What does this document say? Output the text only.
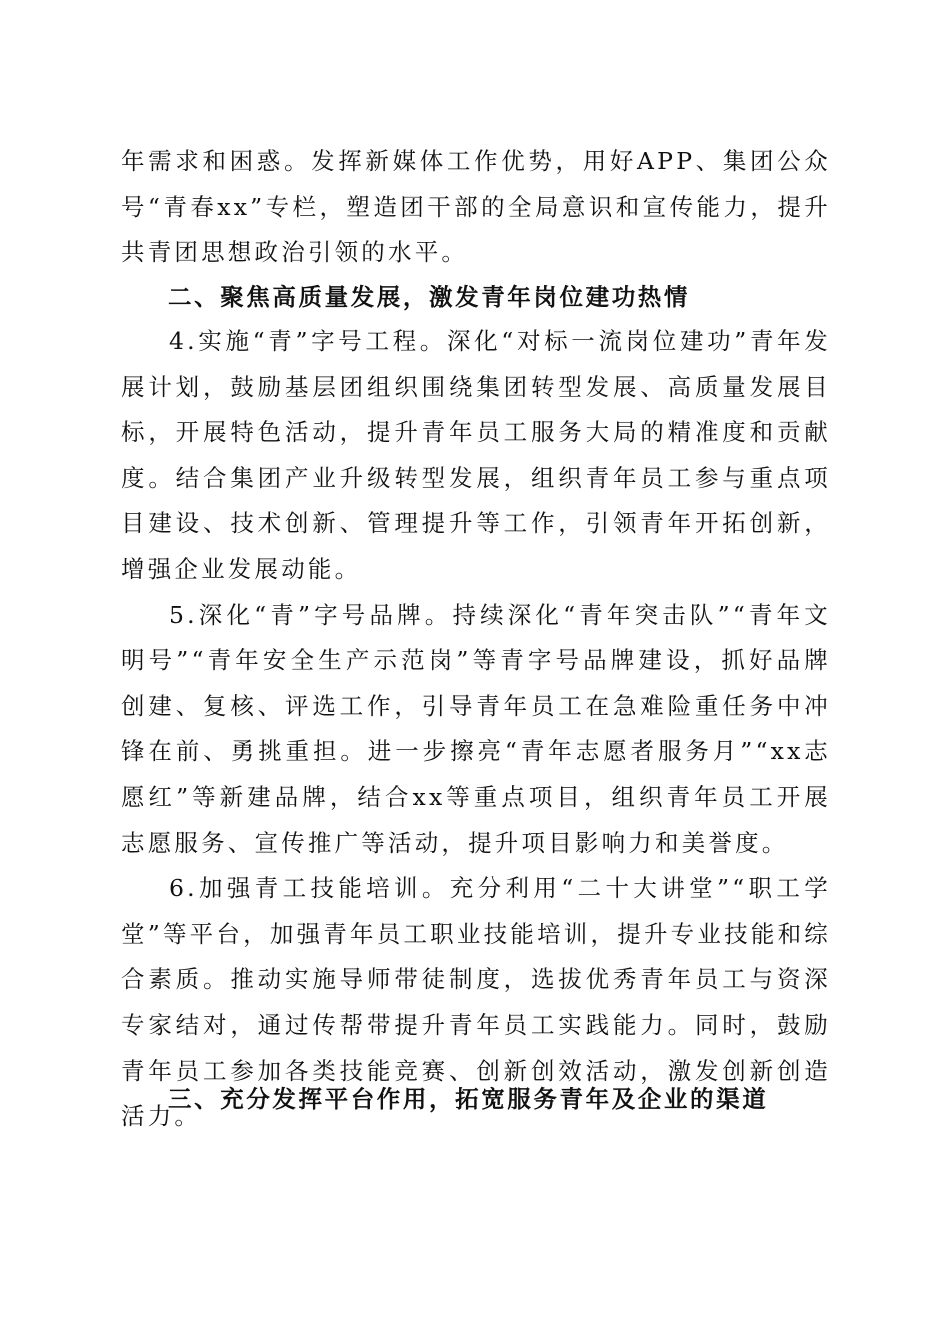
年需求和困惑。发挥新媒体工作优势，用好APP、集团公众号“青春xx”专栏，塑造团干部的全局意识和宣传能力，提升共青团思想政治引领的水平。

二、聚焦高质量发展，激发青年岗位建功热情

4.实施“青”字号工程。深化“对标一流岗位建功”青年发展计划，鼓励基层团组织围绕集团转型发展、高质量发展目标，开展特色活动，提升青年员工服务大局的精准度和贡献度。结合集团产业升级转型发展，组织青年员工参与重点项目建设、技术创新、管理提升等工作，引领青年开拓创新，增强企业发展动能。

5.深化“青”字号品牌。持续深化“青年突击队”“青年文明号”“青年安全生产示范岗”等青字号品牌建设，抓好品牌创建、复核、评选工作，引导青年员工在急难险重任务中冲锋在前、勇挑重担。进一步擦亮“青年志愿者服务月”“xx志愿红”等新建品牌，结合xx等重点项目，组织青年员工开展志愿服务、宣传推广等活动，提升项目影响力和美誉度。

6.加强青工技能培训。充分利用“二十大讲堂”“职工学堂”等平台，加强青年员工职业技能培训，提升专业技能和综合素质。推动实施导师带徒制度，选拔优秀青年员工与资深专家结对，通过传帮带提升青年员工实践能力。同时，鼓励青年员工参加各类技能竞赛、创新创效活动，激发创新创造活力。

三、充分发挥平台作用，拓宽服务青年及企业的渠道
